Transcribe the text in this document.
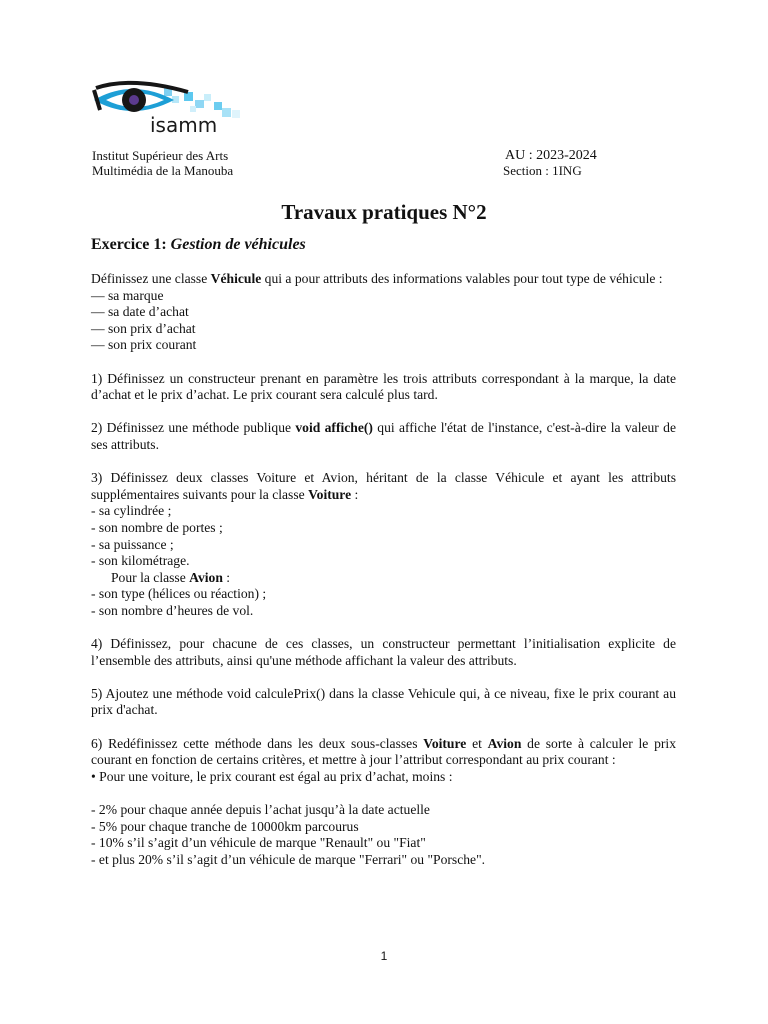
isamm
Institut Supérieur des Arts
Multimédia de la Manouba
AU : 2023-2024
Section : 1ING
Travaux pratiques N°2
Exercice 1: Gestion de véhicules
Définissez une classe Véhicule qui a pour attributs des informations valables pour tout type de véhicule :
— sa marque
— sa date d’achat
— son prix d’achat
— son prix courant
1) Définissez un constructeur prenant en paramètre les trois attributs correspondant à la marque, la date d’achat et le prix d’achat. Le prix courant sera calculé plus tard.
2) Définissez une méthode publique void affiche() qui affiche l'état de l'instance, c'est-à-dire la valeur de ses attributs.
3) Définissez deux classes Voiture et Avion, héritant de la classe Véhicule et ayant les attributs supplémentaires suivants pour la classe Voiture :
- sa cylindrée ;
- son nombre de portes ;
- sa puissance ;
- son kilométrage.
Pour la classe Avion :
- son type (hélices ou réaction) ;
- son nombre d’heures de vol.
4) Définissez, pour chacune de ces classes, un constructeur permettant l’initialisation explicite de l’ensemble des attributs, ainsi qu'une méthode affichant la valeur des attributs.
5) Ajoutez une méthode void calculePrix() dans la classe Vehicule qui, à ce niveau, fixe le prix courant au prix d'achat.
6) Redéfinissez cette méthode dans les deux sous-classes Voiture et Avion de sorte à calculer le prix courant en fonction de certains critères, et mettre à jour l’attribut correspondant au prix courant :
• Pour une voiture, le prix courant est égal au prix d’achat, moins :
- 2% pour chaque année depuis l’achat jusqu’à la date actuelle
- 5% pour chaque tranche de 10000km parcourus
- 10% s’il s’agit d’un véhicule de marque "Renault" ou "Fiat"
- et plus 20% s’il s’agit d’un véhicule de marque "Ferrari" ou "Porsche".
1
